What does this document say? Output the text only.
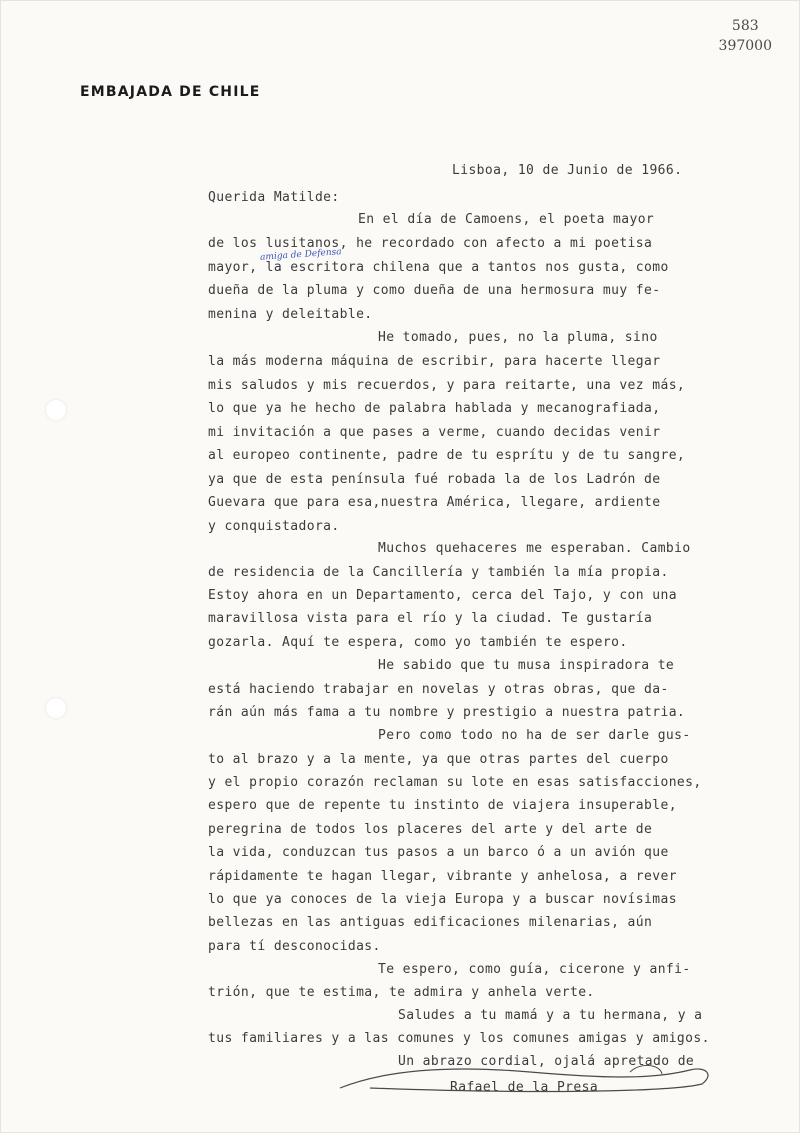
EMBAJADA DE CHILE
583
397000
Lisboa, 10 de Junio de 1966.
Querida Matilde:
En el día de Camoens, el poeta mayor
de los lusitanos, he recordado con afecto a mi poetisa
mayor, la escritora chilena que a tantos nos gusta, como
dueña de la pluma y como dueña de una hermosura muy fe-
menina y deleitable.
He tomado, pues, no la pluma, sino
la más moderna máquina de escribir, para hacerte llegar
mis saludos y mis recuerdos, y para reitarte, una vez más,
lo que ya he hecho de palabra hablada y mecanografiada,
mi invitación a que pases a verme, cuando decidas venir
al europeo continente, padre de tu esprítu y de tu sangre,
ya que de esta península fué robada la de los Ladrón de
Guevara que para esa,nuestra América, llegare, ardiente
y conquistadora.
Muchos quehaceres me esperaban. Cambio
de residencia de la Cancillería y también la mía propia.
Estoy ahora en un Departamento, cerca del Tajo, y con una
maravillosa vista para el río y la ciudad. Te gustaría
gozarla. Aquí te espera, como yo también te espero.
He sabido que tu musa inspiradora te
está haciendo trabajar en novelas y otras obras, que da-
rán aún más fama a tu nombre y prestigio a nuestra patria.
Pero como todo no ha de ser darle gus-
to al brazo y a la mente, ya que otras partes del cuerpo
y el propio corazón reclaman su lote en esas satisfacciones,
espero que de repente tu instinto de viajera insuperable,
peregrina de todos los placeres del arte y del arte de
la vida, conduzcan tus pasos a un barco ó a un avión que
rápidamente te hagan llegar, vibrante y anhelosa, a rever
lo que ya conoces de la vieja Europa y a buscar novísimas
bellezas en las antiguas edificaciones milenarias, aún
para tí desconocidas.
Te espero, como guía, cicerone y anfi-
trión, que te estima, te admira y anhela verte.
Saludes a tu mamá y a tu hermana, y a
tus familiares y a las comunes y los comunes amigas y amigos.
Un abrazo cordial, ojalá apretado de
amiga de Defensa
Rafael de la Presa
